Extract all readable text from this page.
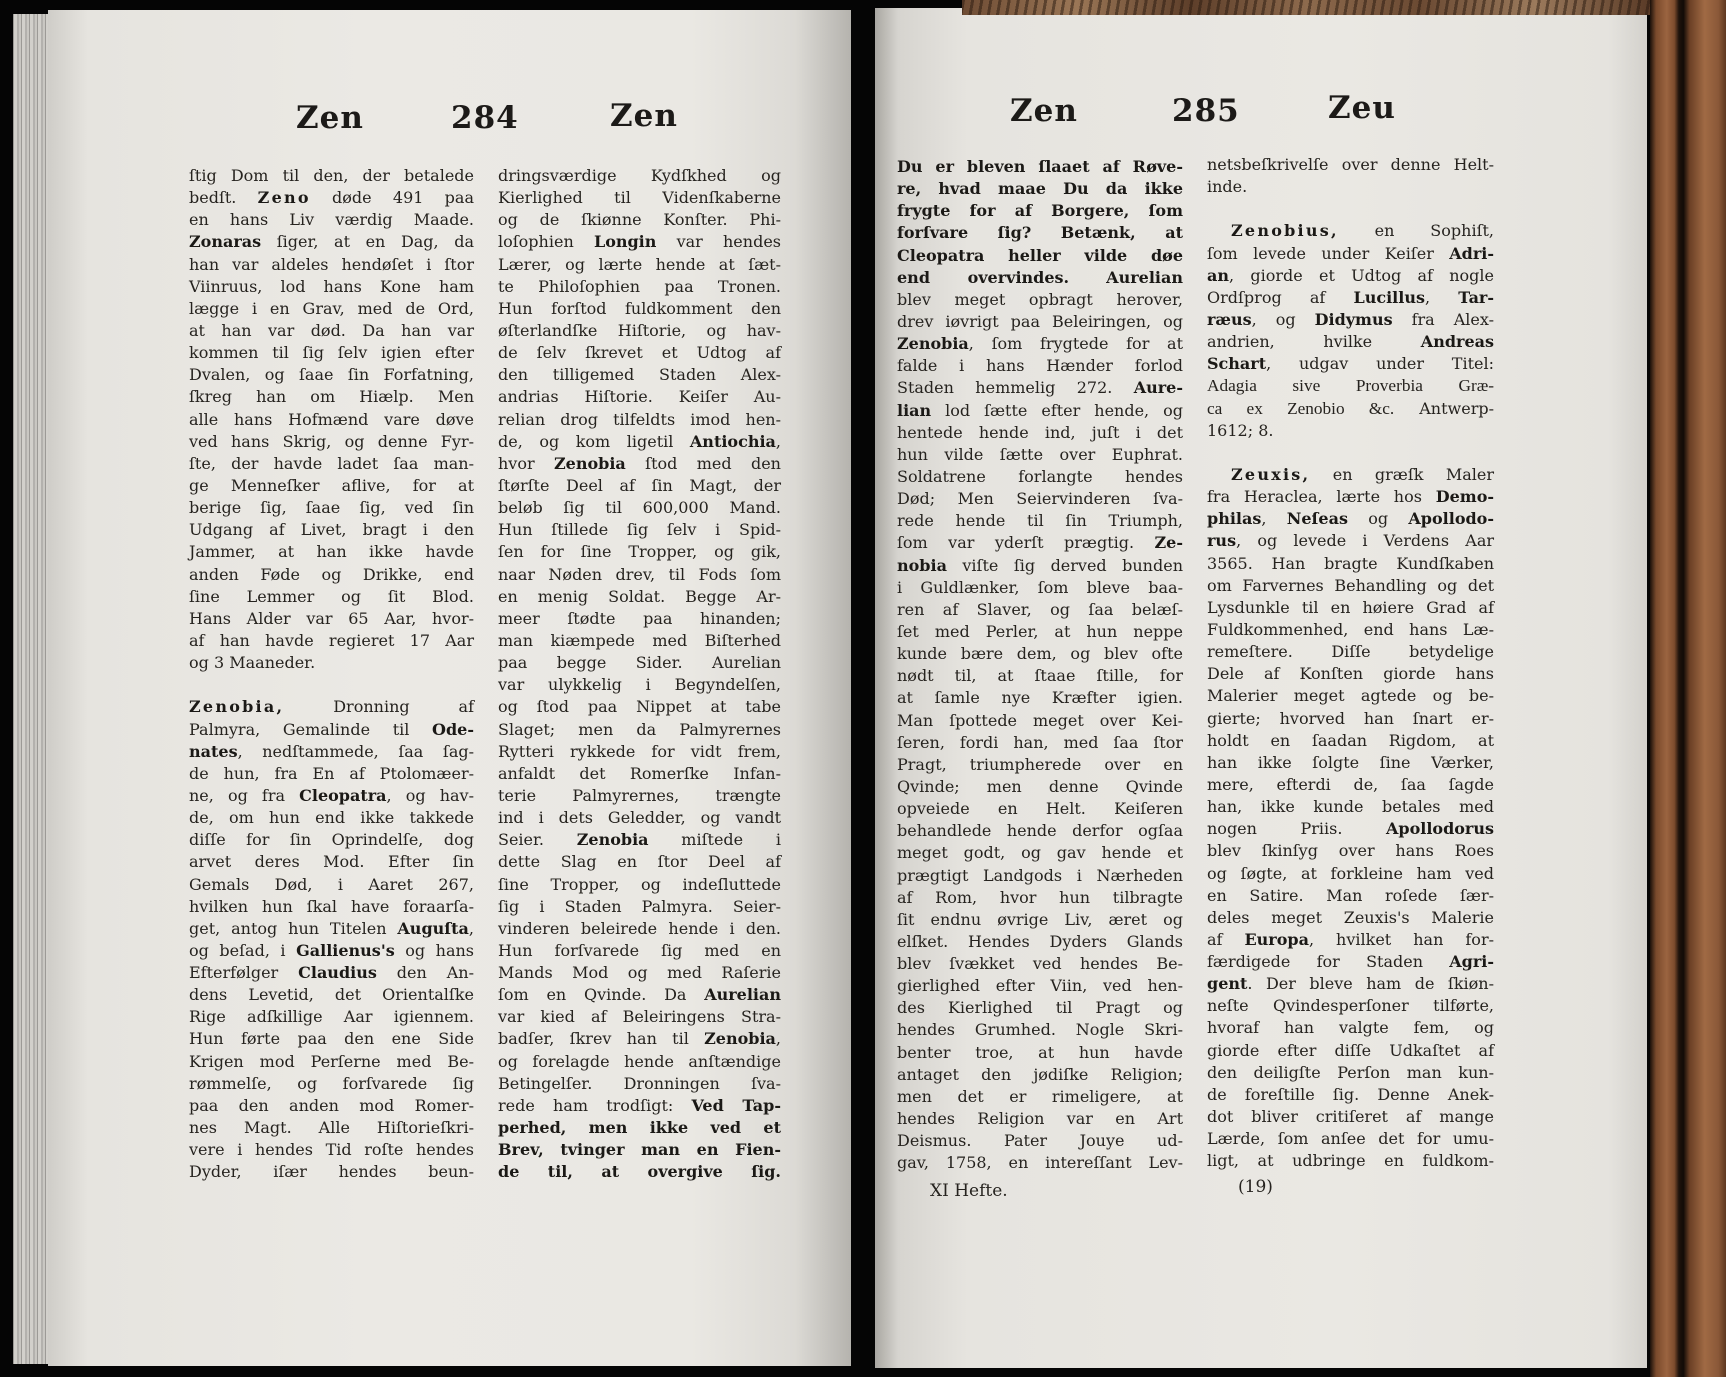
Zen	284	Zen	Zen	285	Zeu
ſtig Dom til den, der betalede
bedſt. Zeno døde 491 paa
en hans Liv værdig Maade.
Zonaras ſiger, at en Dag, da
han var aldeles hendøſet i ſtor
Viinruus, lod hans Kone ham
lægge i en Grav, med de Ord,
at han var død. Da han var
kommen til ſig ſelv igien efter
Dvalen, og ſaae ſin Forfatning,
ſkreg han om Hiælp. Men
alle hans Hofmænd vare døve
ved hans Skrig, og denne Fyr-
ſte, der havde ladet ſaa man-
ge Menneſker aflive, for at
berige ſig, ſaae ſig, ved ſin
Udgang af Livet, bragt i den
Jammer, at han ikke havde
anden Føde og Drikke, end
ſine Lemmer og ſit Blod.
Hans Alder var 65 Aar, hvor-
af han havde regieret 17 Aar
og 3 Maaneder.
Zenobia, Dronning af
Palmyra, Gemalinde til Ode-
nates, nedſtammede, ſaa ſag-
de hun, fra En af Ptolomæer-
ne, og fra Cleopatra, og hav-
de, om hun end ikke takkede
diſſe for ſin Oprindelſe, dog
arvet deres Mod. Efter ſin
Gemals Død, i Aaret 267,
hvilken hun ſkal have foraarſa-
get, antog hun Titelen Auguſta,
og beſad, i Gallienus's og hans
Efterfølger Claudius den An-
dens Levetid, det Orientalſke
Rige adſkillige Aar igiennem.
Hun førte paa den ene Side
Krigen mod Perſerne med Be-
rømmelſe, og forſvarede ſig
paa den anden mod Romer-
nes Magt. Alle Hiſtorieſkri-
vere i hendes Tid roſte hendes
Dyder, iſær hendes beun-
dringsværdige Kydſkhed og
Kierlighed til Videnſkaberne
og de ſkiønne Konſter. Phi-
loſophien Longin var hendes
Lærer, og lærte hende at ſæt-
te Philoſophien paa Tronen.
Hun forſtod fuldkomment den
øſterlandſke Hiſtorie, og hav-
de ſelv ſkrevet et Udtog af
den tilligemed Staden Alex-
andrias Hiſtorie. Keiſer Au-
relian drog tilfeldts imod hen-
de, og kom ligetil Antiochia,
hvor Zenobia ſtod med den
ſtørſte Deel af ſin Magt, der
beløb ſig til 600,000 Mand.
Hun ſtillede ſig ſelv i Spid-
ſen for ſine Tropper, og gik,
naar Nøden drev, til Fods ſom
en menig Soldat. Begge Ar-
meer ſtødte paa hinanden;
man kiæmpede med Biſterhed
paa begge Sider. Aurelian
var ulykkelig i Begyndelſen,
og ſtod paa Nippet at tabe
Slaget; men da Palmyrernes
Rytteri rykkede for vidt frem,
anfaldt det Romerſke Infan-
terie Palmyrernes, trængte
ind i dets Geledder, og vandt
Seier. Zenobia miſtede i
dette Slag en ſtor Deel af
ſine Tropper, og indeſluttede
ſig i Staden Palmyra. Seier-
vinderen beleirede hende i den.
Hun forſvarede ſig med en
Mands Mod og med Raſerie
ſom en Qvinde. Da Aurelian
var kied af Beleiringens Stra-
badſer, ſkrev han til Zenobia,
og forelagde hende anſtændige
Betingelſer. Dronningen ſva-
rede ham trodſigt: Ved Tap-
perhed, men ikke ved et
Brev, tvinger man en Fien-
de til, at overgive ſig.
Du er bleven ſlaaet af Røve-
re, hvad maae Du da ikke
frygte for af Borgere, ſom
forſvare ſig? Betænk, at
Cleopatra heller vilde døe
end overvindes. Aurelian
blev meget opbragt herover,
drev iøvrigt paa Beleiringen, og
Zenobia, ſom frygtede for at
falde i hans Hænder forlod
Staden hemmelig 272. Aure-
lian lod ſætte efter hende, og
hentede hende ind, juſt i det
hun vilde ſætte over Euphrat.
Soldatrene forlangte hendes
Død; Men Seiervinderen ſva-
rede hende til ſin Triumph,
ſom var yderſt prægtig. Ze-
nobia viſte ſig derved bunden
i Guldlænker, ſom bleve baa-
ren af Slaver, og ſaa belæſ-
ſet med Perler, at hun neppe
kunde bære dem, og blev ofte
nødt til, at ſtaae ſtille, for
at ſamle nye Kræfter igien.
Man ſpottede meget over Kei-
ſeren, fordi han, med ſaa ſtor
Pragt, triumpherede over en
Qvinde; men denne Qvinde
opveiede en Helt. Keiſeren
behandlede hende derfor ogſaa
meget godt, og gav hende et
prægtigt Landgods i Nærheden
af Rom, hvor hun tilbragte
ſit endnu øvrige Liv, æret og
elſket. Hendes Dyders Glands
blev ſvækket ved hendes Be-
gierlighed efter Viin, ved hen-
des Kierlighed til Pragt og
hendes Grumhed. Nogle Skri-
benter troe, at hun havde
antaget den jødiſke Religion;
men det er rimeligere, at
hendes Religion var en Art
Deismus. Pater Jouye ud-
gav, 1758, en intereſſant Lev-
netsbeſkrivelſe over denne Helt-
inde.
Zenobius, en Sophiſt,
ſom levede under Keiſer Adri-
an, giorde et Udtog af nogle
Ordſprog af Lucillus, Tar-
ræus, og Didymus fra Alex-
andrien, hvilke Andreas
Schart, udgav under Titel:
Adagia sive Proverbia Græ-
ca ex Zenobio &c. Antwerp-
1612; 8.
Zeuxis, en græſk Maler
fra Heraclea, lærte hos Demo-
philas, Neſeas og Apollodo-
rus, og levede i Verdens Aar
3565. Han bragte Kundſkaben
om Farvernes Behandling og det
Lysdunkle til en høiere Grad af
Fuldkommenhed, end hans Læ-
remeſtere. Diſſe betydelige
Dele af Konſten giorde hans
Malerier meget agtede og be-
gierte; hvorved han ſnart er-
holdt en ſaadan Rigdom, at
han ikke ſolgte ſine Værker,
mere, efterdi de, ſaa ſagde
han, ikke kunde betales med
nogen Priis. Apollodorus
blev ſkinſyg over hans Roes
og ſøgte, at forkleine ham ved
en Satire. Man roſede ſær-
deles meget Zeuxis's Malerie
af Europa, hvilket han for-
færdigede for Staden Agri-
gent. Der bleve ham de ſkiøn-
neſte Qvindesperſoner tilførte,
hvoraf han valgte fem, og
giorde efter diſſe Udkaſtet af
den deiligſte Perſon man kun-
de foreſtille ſig. Denne Anek-
dot bliver critiſeret af mange
Lærde, ſom anſee det for umu-
ligt, at udbringe en fuldkom-
XI Hefte.	(19)
